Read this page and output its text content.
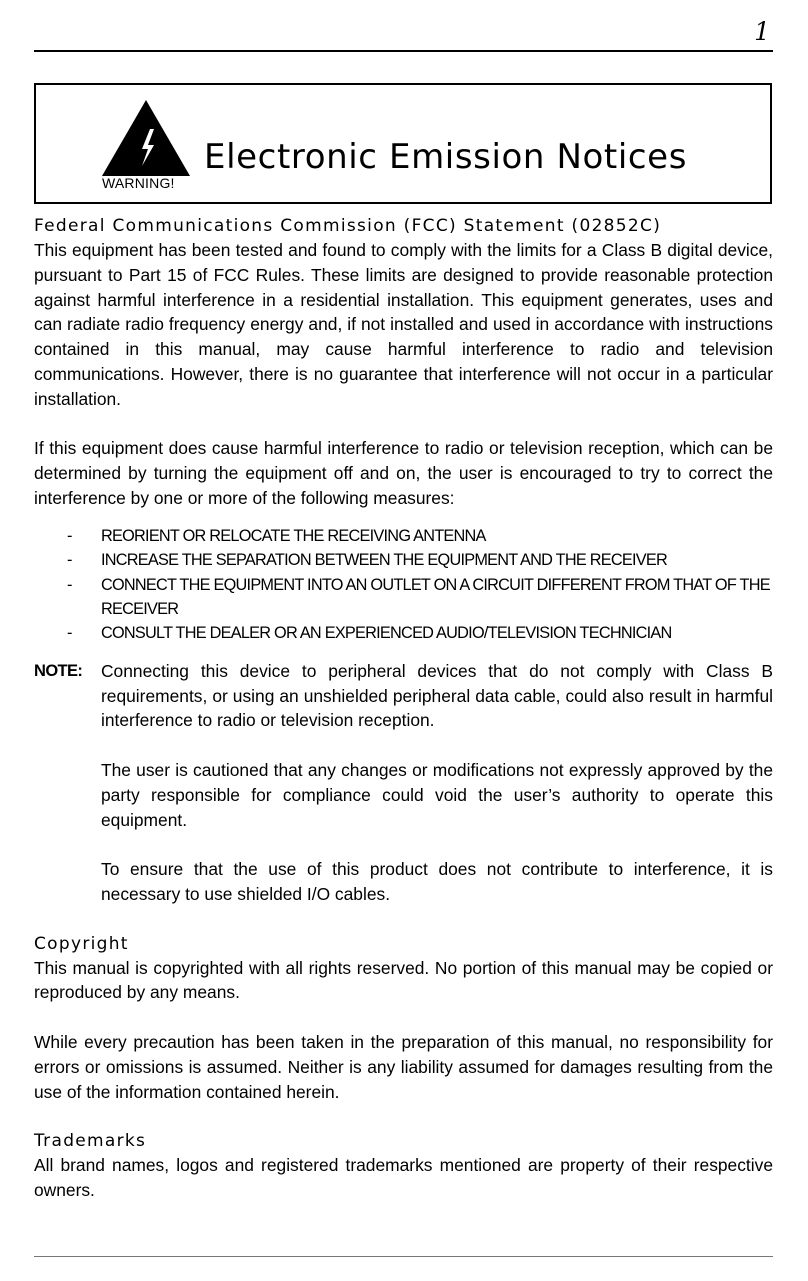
1
WARNING!
Electronic Emission Notices
Federal Communications Commission (FCC) Statement (02852C)

This equipment has been tested and found to comply with the limits for a Class B digital device, pursuant to Part 15 of FCC Rules. These limits are designed to provide reasonable protection against harmful interference in a residential installation. This equipment generates, uses and can radiate radio frequency energy and, if not installed and used in accordance with instructions contained in this manual, may cause harmful interference to radio and television communications. However, there is no guarantee that interference will not occur in a particular installation.

If this equipment does cause harmful interference to radio or television reception, which can be determined by turning the equipment off and on, the user is encouraged to try to correct the interference by one or more of the following measures:

- REORIENT OR RELOCATE THE RECEIVING ANTENNA
- INCREASE THE SEPARATION BETWEEN THE EQUIPMENT AND THE RECEIVER
- CONNECT THE EQUIPMENT INTO AN OUTLET ON A CIRCUIT DIFFERENT FROM THAT OF THE RECEIVER
- CONSULT THE DEALER OR AN EXPERIENCED AUDIO/TELEVISION TECHNICIAN
NOTE: Connecting this device to peripheral devices that do not comply with Class B requirements, or using an unshielded peripheral data cable, could also result in harmful interference to radio or television reception.

The user is cautioned that any changes or modifications not expressly approved by the party responsible for compliance could void the user’s authority to operate this equipment.

To ensure that the use of this product does not contribute to interference, it is necessary to use shielded I/O cables.

Copyright

This manual is copyrighted with all rights reserved. No portion of this manual may be copied or reproduced by any means.

While every precaution has been taken in the preparation of this manual, no responsibility for errors or omissions is assumed. Neither is any liability assumed for damages resulting from the use of the information contained herein.

Trademarks

All brand names, logos and registered trademarks mentioned are property of their respective owners.
